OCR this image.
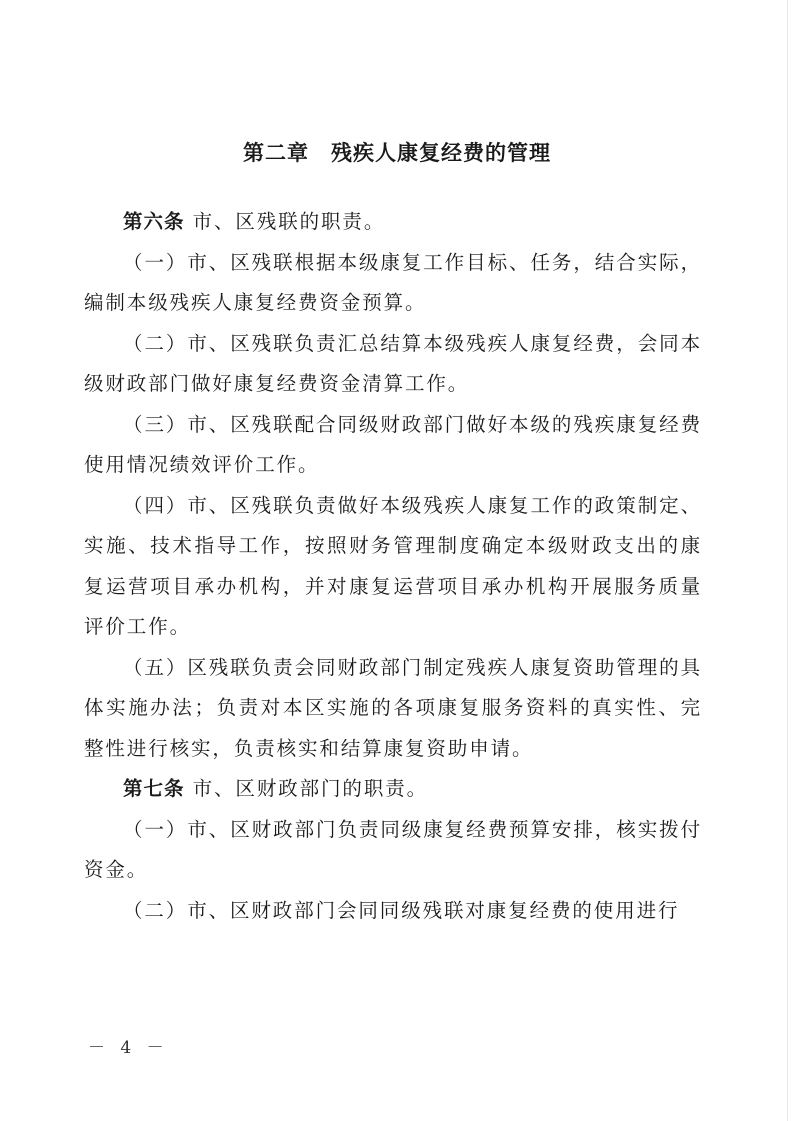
第二章 残疾人康复经费的管理

第六条 市、区残联的职责。

（一）市、区残联根据本级康复工作目标、任务，结合实际，编制本级残疾人康复经费资金预算。

（二）市、区残联负责汇总结算本级残疾人康复经费，会同本级财政部门做好康复经费资金清算工作。

（三）市、区残联配合同级财政部门做好本级的残疾康复经费使用情况绩效评价工作。

（四）市、区残联负责做好本级残疾人康复工作的政策制定、实施、技术指导工作，按照财务管理制度确定本级财政支出的康复运营项目承办机构，并对康复运营项目承办机构开展服务质量评价工作。

（五）区残联负责会同财政部门制定残疾人康复资助管理的具体实施办法；负责对本区实施的各项康复服务资料的真实性、完整性进行核实，负责核实和结算康复资助申请。

第七条 市、区财政部门的职责。

（一）市、区财政部门负责同级康复经费预算安排，核实拨付资金。

（二）市、区财政部门会同同级残联对康复经费的使用进行

－ 4 －
